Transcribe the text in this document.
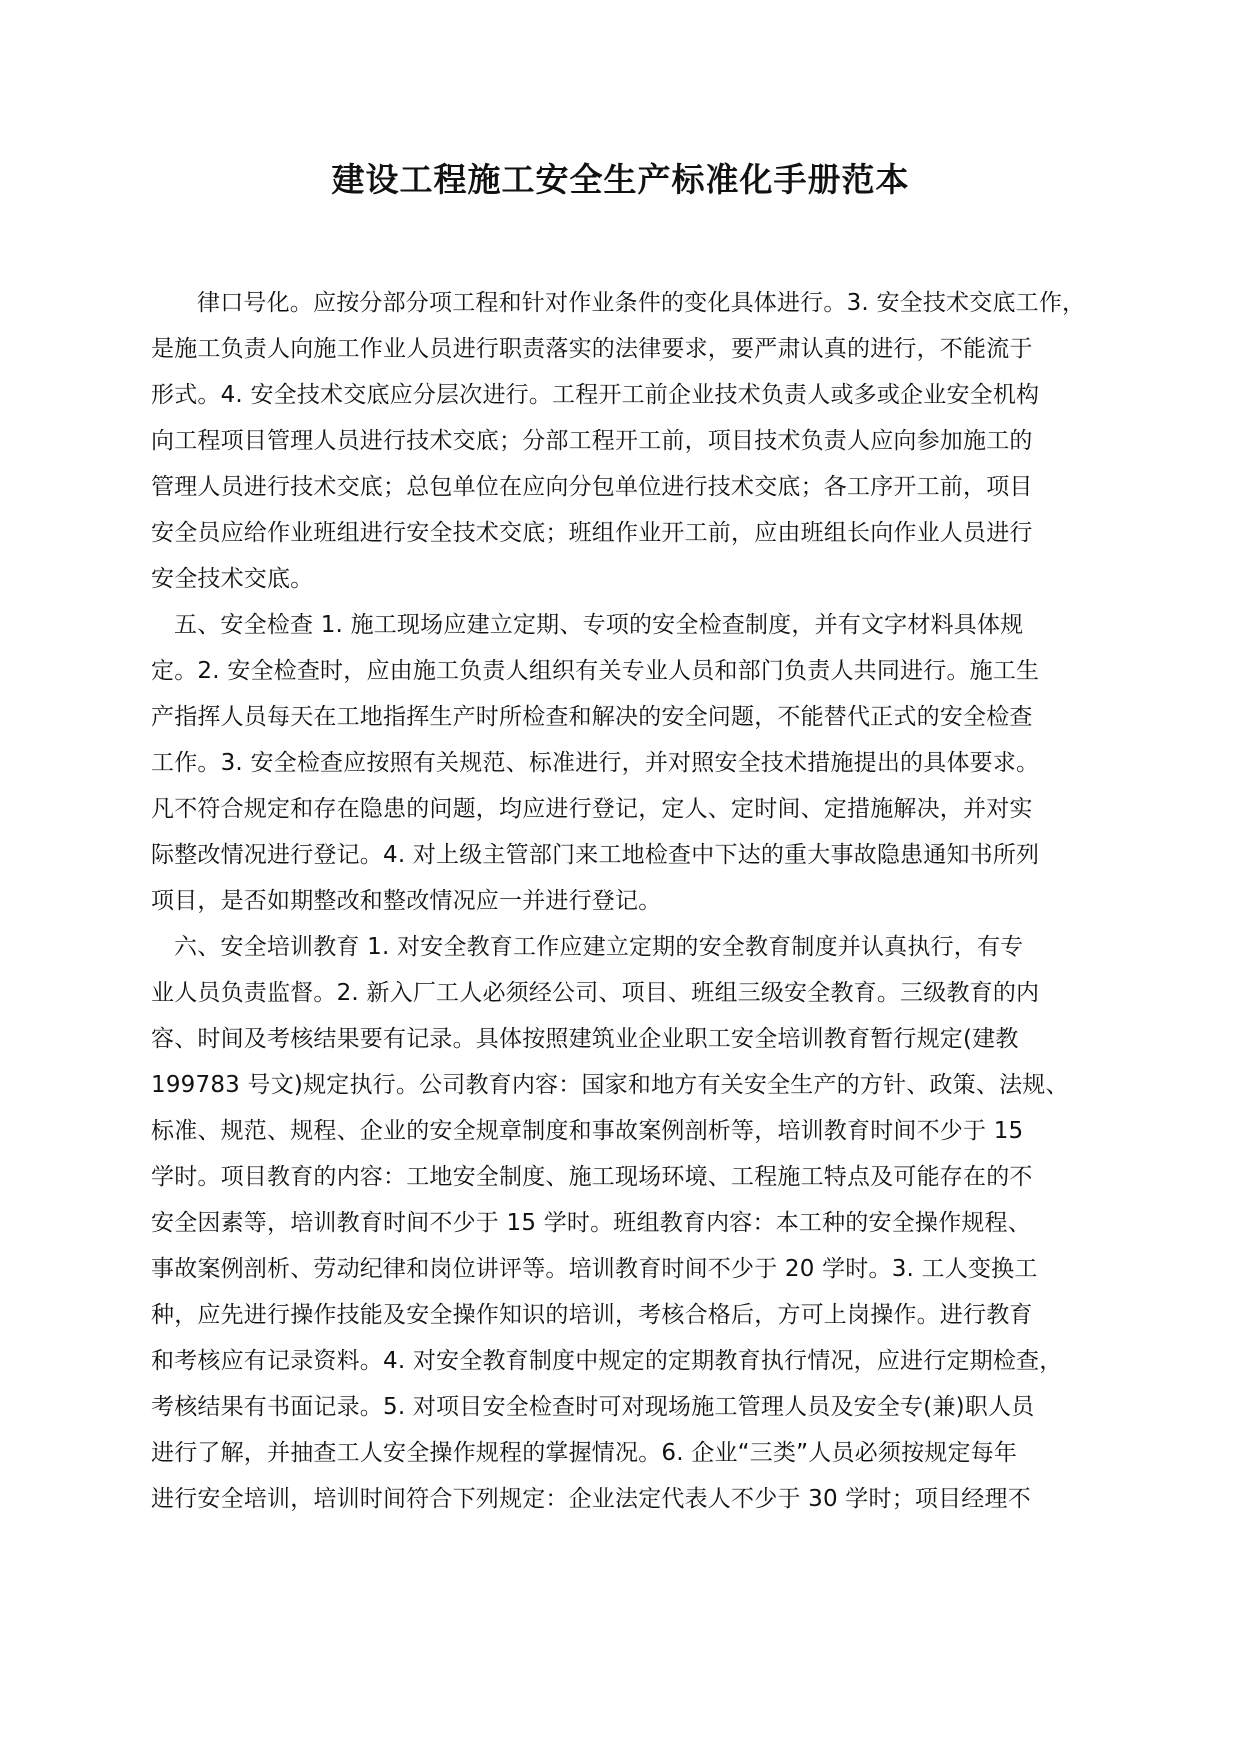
建设工程施工安全生产标准化手册范本
律口号化。应按分部分项工程和针对作业条件的变化具体进行。3. 安全技术交底工作，
是施工负责人向施工作业人员进行职责落实的法律要求，要严肃认真的进行，不能流于
形式。4. 安全技术交底应分层次进行。工程开工前企业技术负责人或多或企业安全机构
向工程项目管理人员进行技术交底；分部工程开工前，项目技术负责人应向参加施工的
管理人员进行技术交底；总包单位在应向分包单位进行技术交底；各工序开工前，项目
安全员应给作业班组进行安全技术交底；班组作业开工前，应由班组长向作业人员进行
安全技术交底。
五、安全检查 1. 施工现场应建立定期、专项的安全检查制度，并有文字材料具体规
定。2. 安全检查时，应由施工负责人组织有关专业人员和部门负责人共同进行。施工生
产指挥人员每天在工地指挥生产时所检查和解决的安全问题，不能替代正式的安全检查
工作。3. 安全检查应按照有关规范、标准进行，并对照安全技术措施提出的具体要求。
凡不符合规定和存在隐患的问题，均应进行登记，定人、定时间、定措施解决，并对实
际整改情况进行登记。4. 对上级主管部门来工地检查中下达的重大事故隐患通知书所列
项目，是否如期整改和整改情况应一并进行登记。
六、安全培训教育 1. 对安全教育工作应建立定期的安全教育制度并认真执行，有专
业人员负责监督。2. 新入厂工人必须经公司、项目、班组三级安全教育。三级教育的内
容、时间及考核结果要有记录。具体按照建筑业企业职工安全培训教育暂行规定(建教
199783 号文)规定执行。公司教育内容：国家和地方有关安全生产的方针、政策、法规、
标准、规范、规程、企业的安全规章制度和事故案例剖析等，培训教育时间不少于 15
学时。项目教育的内容：工地安全制度、施工现场环境、工程施工特点及可能存在的不
安全因素等，培训教育时间不少于 15 学时。班组教育内容：本工种的安全操作规程、
事故案例剖析、劳动纪律和岗位讲评等。培训教育时间不少于 20 学时。3. 工人变换工
种，应先进行操作技能及安全操作知识的培训，考核合格后，方可上岗操作。进行教育
和考核应有记录资料。4. 对安全教育制度中规定的定期教育执行情况，应进行定期检查，
考核结果有书面记录。5. 对项目安全检查时可对现场施工管理人员及安全专(兼)职人员
进行了解，并抽查工人安全操作规程的掌握情况。6. 企业“三类”人员必须按规定每年
进行安全培训，培训时间符合下列规定：企业法定代表人不少于 30 学时；项目经理不
